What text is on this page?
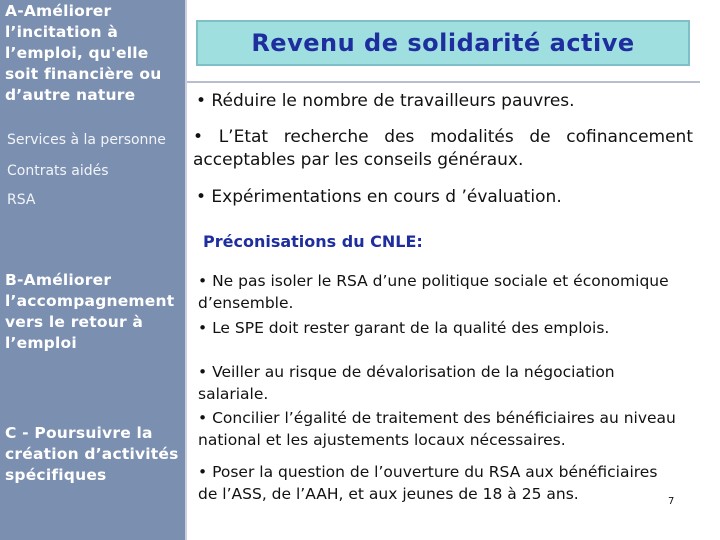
A-Améliorer
l’incitation à
l’emploi, qu'elle
soit financière ou
d’autre nature

Services à la personne
Contrats aidés
RSA

B-Améliorer
l’accompagnement
vers le retour à
l’emploi

C - Poursuivre la
création d’activités
spécifiques

Revenu de solidarité active

• Réduire le nombre de travailleurs pauvres.

• L’Etat recherche des modalités de cofinancement
acceptables par les conseils généraux.

• Expérimentations en cours d ’évaluation.

Préconisations du CNLE:

• Ne pas isoler le RSA d’une politique sociale et économique
d’ensemble.

• Le SPE doit rester garant de la qualité des emplois.

• Veiller au risque de dévalorisation de la négociation
salariale.

• Concilier l’égalité de traitement des bénéficiaires au niveau
national et les ajustements locaux nécessaires.

• Poser la question de l’ouverture du RSA aux bénéficiaires
de l’ASS, de l’AAH, et aux jeunes de 18 à 25 ans.	7
